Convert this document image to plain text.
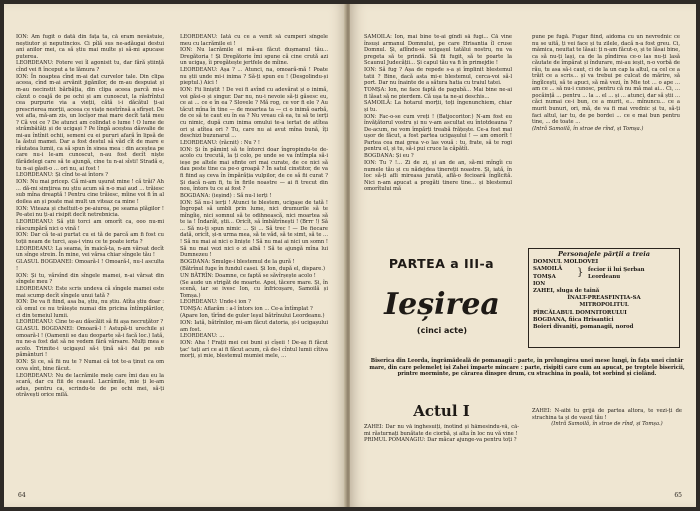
ION: Am fugit o dată din fața ta, că eram nevăstuie, neștiutor și neputincios. Ci pîlă sus ne-adăugai destui ani anilor mei, ca să știu mai multe și să-mi apucase puterea.

LEORDEANU: Fotere vei îl agonisit tu, dar fără știință cînd vei fi început a te lămura ?

ION: În noaptea cînd m-ai dat curvelor tale. Din clipa aceea, cînd m-ai arvănit jigănilor, de m-au despuiat și m-au necinstit bărbăția, din clipa aceea parcă mi-a căzut o coajă de pe ochi și am cunoscut, la răsfrîntul cea purpurie via a vieții, cătă i-i dăcătul ți-ai prescrierea morții, aceea ce viațe nestrînsă a sfîrșet. De voi afla, mă-am zis, un locîșor mai mare decît tată meu ? Că voi ce ? De atunci am colindat o lume ! O lume de strămbătăți și de ucigași ? Pe lîngă aceștea dăsvalie de mi-au întînit ochii, semeni cu ei pururi afară în lipsă de la ăstui mamei. Dar a fost destul să văd cît de mare e răutatea lumii, ca să spun în sinea mea : din aceștea pe care nu-i le-am cunoscut, n-au fost decît niște fărădelegi care să te ajungă, cine tu n-ai sîsti! Stradă e, tu n-ai găsit-o ... ori nu, ai fost !

LEORDEANU: Și cînd te-ai întors ?

ION: Nu mai pricep. Că mi-am ușurat mine ! că trăi? Ah ... dă-mi simțirea nu știu acum să n-o mai aud ... trăiesc sub mîna dreaptă ! Pentru cine trăiesc, mîine voi fi în al doilea an și poate mai mult un viteaz ca mine !

ION: Viteaza și cheltuit-o pe-aiurea, pe seama plăgilor ! Pe-atei nu ți-ai risipit decît netrebnicia.

LEORDEANU: Să știi torci am omorît ca, ooo nu-mi răscumpără nici o vină !

ION: Dar că te-ai purtat cu ei tă de parcă am fi fost cu toții neam de turci, așa-i vinu ce te poate ierta ?

LEORDEANU: La seama, în maică-ta, n-am vărsat decît un sînge strein. În mine, vei vărsa chiar sîngele tău !

GLASUL BOGDANEI: Omoară-l ! Omoară-l, nu-l asculta !

ION: Și tu, vărsînd din sîngele mamei, n-ai vărsat din sîngele meu ?

LEORDEANU: Este scris undeva că sîngele mamei este mai scump decît sîngele unui tată ?

ION: De va fi fiind, asa ba, știu, nu știu. Atîta știu doar : că omul ce nu trăiește numai din pricina întîmplărilor, ci din temeiul lumii.

LEORDEANU: Cine te-au dăscălit să fii așa necruțător ?

GLASUL BOGDANEI: Omoară-l ! Astupă-ti urechile și omoară-l ! (Oamenii se dau deoparte să-i facă loc.) Iată, nu ne-a fost dat să ne vedem fără vărsare. Mulți mea e acolo. Trimite-i ucigașul să-i țină să-i dai pe sub pământuri !

ION: Și ce, să fii nu te ? Numai că tot te-a ținut ca om ceva sînt, bine făcut.

LEORDEANU: Nu de lacrămile mele care îmi dau eu la scară, dar cu fiii de ceasul. Lacrămile, mie ți le-am adus, pentru ca, scrindu-te de pe ochi mei, să-ți otrăvești orice milă.

LEORDEANU: Iată cu ce a venit să cumperi sîngele meu cu lacrămile ei !

ION: Nu lacrămile ei mă-au făcut dușmanul tău... Dregătoria ! Și Dregătorie îmi spune că cine crută azi un ucigaș, îi pregătește jertfele de mîine.

LEORDEANU: Așa ? ... Atunci, na, omoară-mă ! Poate nu știi unde mi-i inima ? Să-ți spun eu ! (Desgolindu-și pieptul.) Aici !

ION: Fii liniștit ! De vei fi avînd cu adevărat și o inimă, voi găsi-o și singur. Dar nu, nu-i nevoie să-ți găsesc eu, ce ai ... ce e în ea ? Slovele ? Mă rog, ce vor fi ele ? Au tăcut mîna în tine — de moartea ta — ci o inimă oarbă, de ce să te caut eu în ea ? Nu vreau că ea, tu să te ierți cu nimic, după cum inima omului te-a iertat de atîtea ori și atîtea ori ? Tu, care nu ai avut mîna bună, îți deschizi buzunarul ...

LEORDEANU: (răcnit) : Nu ? !

ION: Și în păminț să te întorci doar îngropindu-te de-acolo cu trecută, la ți colo, pe unde se va întîmpla să-i ieșe pe altele mai sfinte ori mai curate, de ce nici să dau peste tine ca pe-o groapă ? În satul cinstitor, de va fi fiind aș ceva în împărăția vulpilor, de ce să fii curat ? Și dacă n-am fi, tu în firile noastre — ai fi trecut din nou, întors tu ce ai fost ?

BOGDANA: (ieșind) : Să nu-l ierți !

ION: Să nu-l ierți ! Atunci te blestem, ucigașe de tată ! Îngropat să umbli prin lume, nici drumurile să te mîngîie, nici somnul să te odihnească, nici moartea să te ia ! Îndarăt, știi... Oricît, să îmbătrînești ! (Brrr !) Să ... Să nu-ți spun nimic ... Și ... Să trec ! — De fiecare dată, oricît, și-n urma mea, să te văd, să te simt, să te ... ! Să nu mai ai nici o liniște ! Să nu mai ai nici un somn ! Să nu mai vezi nici o zi albă ! Să te ajungă mîna lui Dumnezeu !

BOGDANA: Smulge-i blestemul de la gură !

(Bătrînul fuge în fundul casei. Și Ion, după el, dispare.)

UN BĂTRÎN: Doamne, ce faptă se săvîrșește acolo !

(Se aude un strigăt de moarte. Apoi, tăcere mare. Și, în scenă, iar se ivesc Ion, cu înfricoșare, Samoilă și Tomșa.)

LEORDEANU: Unde-i ion ?

TOMȘA: Aflarăm : a-l întors ion ... Ce-a întîmplat ?

(Apare Ion, tîrînd de guler leșul bătrînului Leordeanu.)

ION: Iată, bătrînilor, mi-am făcut datoria, și-i ucigașului am fost.

LEORDEANU: ...

ION: Aha ! Frații mei cei buni și cîșeii ! De-aș fi făcut țac' tați ari ce ai fi făcut acum, că de-l cîntul lumii cîtiva morți, și mie, blestemul mumiei mele, ...

64

SAMOILĂ: Ion, mai bine te-ai gîndi să fugi... Că vine însuși armanul Domnului, pe care Hrisantia îl cruse Domnul. Și, aflîndu-se ucigașul tatălui nostru, nu va pregeta să te prindă. Să fii fugit, să te poarte la Scaunul Judecății... Și capul tău va fi în primejdie !

ION: Să fug ? Așa de repede s-a și împlinit blestemul tatii ? Bine, dacă asta mi-e blestemul, cerca-voi să-l port. Dar nu înainte de a sătura hatia cu traiul tatei.

TOMȘA: Ion, ne face faptă de pagubă... Mai bine ne-ai fi lăsat să ne pierdem. Că ușa ta ne-ai deschis...

SAMOILĂ: La hotarul morții, toți îngenunchiem, chiar și tu.

ION: Fac-o-se cum vreți ! (Batjocoritor.) N-am fost eu învățătorul vostru și nu v-am ascultat eu întotdeauna ? De-acum, ne vom împărți treabă frățește. Ce-a fost mai ușor de făcut, a fost partea ucigașului ! — am omorît ! Partea cea mai grea v-o las vouă : tu, frate, să te rogi pentru el, și tu, să-i pui cruce la căpătîi.

BOGDANA: Și eu ?

ION: Tu ? !... Zi de zi, și an de an, să-mi mîngîi cu numele tău și cu nădejdea tinereții noastre. Și, iată, în loc să-ți afli mireasa jurată, află-o fecioară îngîlcită. Nici n-am apucat a pregăti tinere tine... și blestemul omorîtului mă

pune pe fugă. Fugar fiind, aidoma cu un nevrednic ce nu se uită, ți vei face și tu zilele, dacă n-a fost greu. Ci, mămica, neuitat te lăsai: ți n-am făcut-o, și te lăsai bine, ca să nu-ți lași, ca de la pîndirea ce-o las nu-ți lasă căutate de împărat și îndurare, mi-au ieșit, n-o vorbă de rău, tu asa să-i caut, ci de la un cap la altul, ca cel ce a trăit ce a scris... și va trebui pe culcat de mărire, să îngîlcești, să te apuci, să mă vezi, în Mie tot ... o ape ... am ce ... să nu-i cunosc, pentru că nu mă mai ai... Ci, ... pocăință ... pentru ... la ... el ... și ... atunci, dar să știi ... căci numai ce-i bun, ce a murit, e... mînuncu... ce a murit bunuri, ori, mă, de va fi mai vrednic și tu, să-ți faci altul, iar tu, de pe bordei ... ce e mai bun pentru tine, ... de toate ...

(Intră Samoilă, în strae de rînd, și Tomșa.)

PARTEA a III-a
Ieșirea
(cinci acte)
Personajele părții a treia
DOMNUL MOLDOVEI
SAMOILĂ
TOMȘA
ION
} fecior ii lui Șerban Leordeanu
ZAHEI, sluga de taină
ÎNALT-PREASFINȚIA-SA
MITROPOLITUL
PÎRCĂLABUL DOMNITORULUI
BOGDANA, fiica Hrisantici
Boieri divaniți, pomanagii, norod
Biserica din Leorda, îngrămădeală de pomanagii : parte, în prelungirea unei mese lungi, în fața unei cîntăr mare, din care pelemeleț iși Zahei împarte mîncare : parte, risipiți care cum au apucat, pe treptele bisericii, printre morminte, pe cărarea dinspre drum, cu strachina în poală, tot sorbind și ciolând.
Actul I

ZAHEI: Dar nu vă înghesuiți, înotînd și hămesindu-vă, că-mi răsturnați bunătate de ciorbă, și alta în loc nu vă vine !

PRIMUL POMANAGIU: Dar măcar ajunge-va pentru toți ?

ZAHEI: N-aibi tu grijă de partea altora, te vezi-ți de strachina ta și de vasul tău !

(Intră Samoilă, în strae de rînd, și Tomșa.)

65
